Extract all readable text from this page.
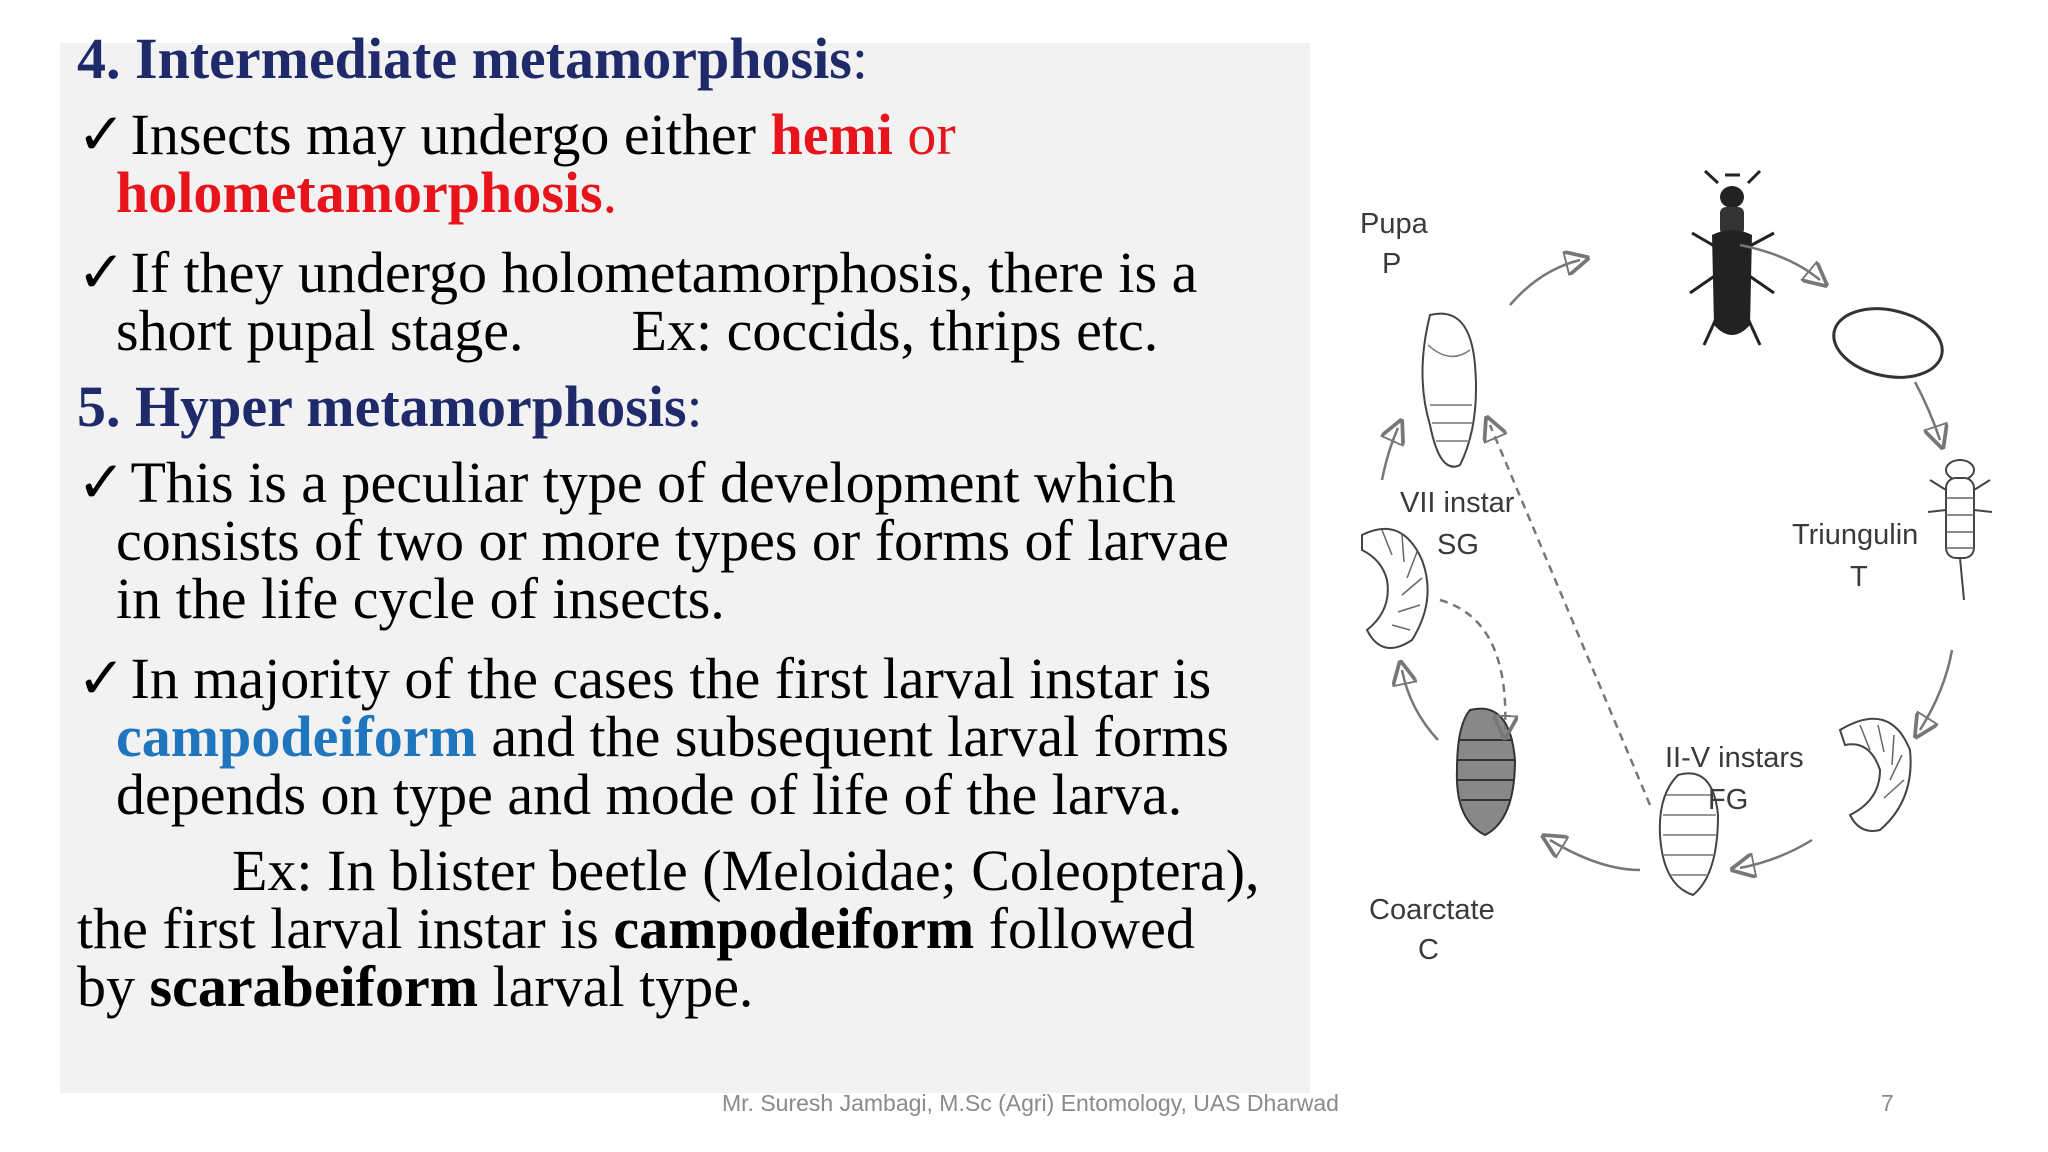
4. Intermediate metamorphosis:
✓ Insects may undergo either hemi or
holometamorphosis.
✓ If they undergo holometamorphosis, there is a
short pupal stage. Ex: coccids, thrips etc.
5. Hyper metamorphosis:
✓ This is a peculiar type of development which
consists of two or more types or forms of larvae
in the life cycle of insects.
✓ In majority of the cases the first larval instar is
campodeiform and the subsequent larval forms
depends on type and mode of life of the larva.
Ex: In blister beetle (Meloidae; Coleoptera),
the first larval instar is campodeiform followed
by scarabeiform larval type.
Pupa
P
VII instar
SG	Triungulin
T
II-V instars
FG
Coarctate
C
Mr. Suresh Jambagi, M.Sc (Agri) Entomology, UAS Dharwad	7
